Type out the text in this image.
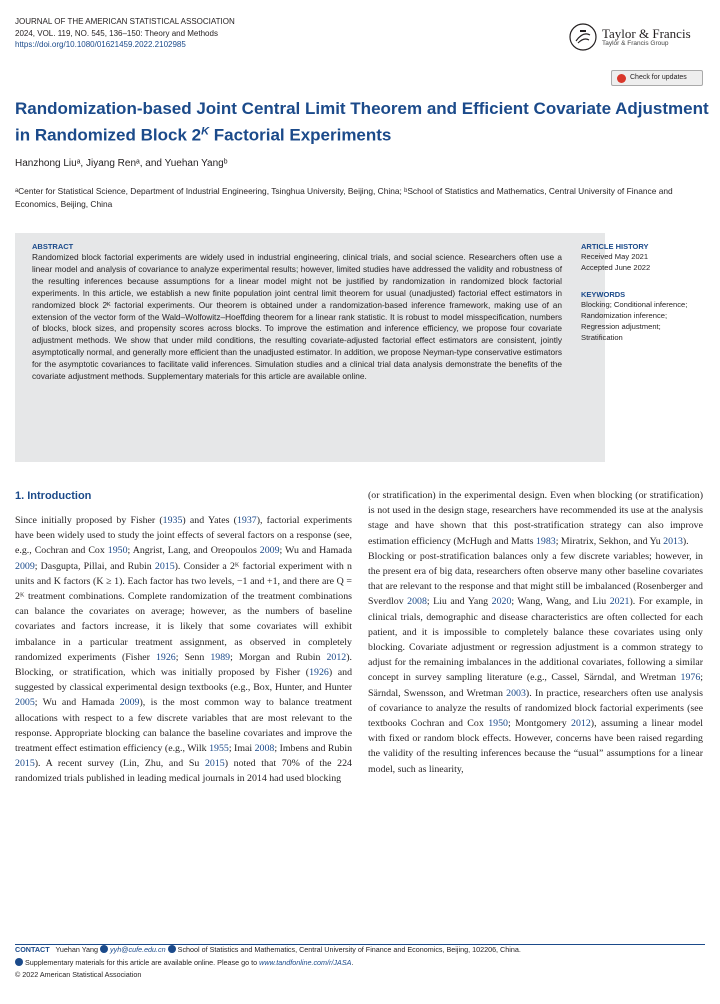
JOURNAL OF THE AMERICAN STATISTICAL ASSOCIATION
2024, VOL. 119, NO. 545, 136–150: Theory and Methods
https://doi.org/10.1080/01621459.2022.2102985
Taylor & Francis
Taylor & Francis Group
Check for updates
Randomization-based Joint Central Limit Theorem and Efficient Covariate Adjustment in Randomized Block $2^K$ Factorial Experiments
Hanzhong Liuᵃ, Jiyang Renᵃ, and Yuehan Yangᵇ
ᵃCenter for Statistical Science, Department of Industrial Engineering, Tsinghua University, Beijing, China; ᵇSchool of Statistics and Mathematics, Central University of Finance and Economics, Beijing, China
ABSTRACT
Randomized block factorial experiments are widely used in industrial engineering, clinical trials, and social science. Researchers often use a linear model and analysis of covariance to analyze experimental results; however, limited studies have addressed the validity and robustness of the resulting inferences because assumptions for a linear model might not be justified by randomization in randomized block factorial experiments. In this article, we establish a new finite population joint central limit theorem for usual (unadjusted) factorial effect estimators in randomized block 2ᴷ factorial experiments. Our theorem is obtained under a randomization-based inference framework, making use of an extension of the vector form of the Wald–Wolfowitz–Hoeffding theorem for a linear rank statistic. It is robust to model misspecification, numbers of blocks, block sizes, and propensity scores across blocks. To improve the estimation and inference efficiency, we propose four covariate adjustment methods. We show that under mild conditions, the resulting covariate-adjusted factorial effect estimators are consistent, jointly asymptotically normal, and generally more efficient than the unadjusted estimator. In addition, we propose Neyman-type conservative estimators for the asymptotic covariances to facilitate valid inferences. Simulation studies and a clinical trial data analysis demonstrate the benefits of the covariate adjustment methods. Supplementary materials for this article are available online.
ARTICLE HISTORY
Received May 2021
Accepted June 2022
KEYWORDS
Blocking; Conditional inference; Randomization inference; Regression adjustment; Stratification
1. Introduction

Since initially proposed by Fisher (1935) and Yates (1937), factorial experiments have been widely used to study the joint effects of several factors on a response (see, e.g., Cochran and Cox 1950; Angrist, Lang, and Oreopoulos 2009; Wu and Hamada 2009; Dasgupta, Pillai, and Rubin 2015). Consider a 2ᴷ factorial experiment with n units and K factors (K ≥ 1). Each factor has two levels, −1 and +1, and there are Q = 2ᴷ treatment combinations. Complete randomization of the treatment combinations can balance the covariates on average; however, as the numbers of baseline covariates and factors increase, it is likely that some covariates will exhibit imbalance in a particular treatment assignment, as observed in completely randomized experiments (Fisher 1926; Senn 1989; Morgan and Rubin 2012). Blocking, or stratification, which was initially proposed by Fisher (1926) and suggested by classical experimental design textbooks (e.g., Box, Hunter, and Hunter 2005; Wu and Hamada 2009), is the most common way to balance treatment allocations with respect to a few discrete variables that are most relevant to the response. Appropriate blocking can balance the baseline covariates and improve the treatment effect estimation efficiency (e.g., Wilk 1955; Imai 2008; Imbens and Rubin 2015). A recent survey (Lin, Zhu, and Su 2015) noted that 70% of the 224 randomized trials published in leading medical journals in 2014 had used blocking

(or stratification) in the experimental design. Even when blocking (or stratification) is not used in the design stage, researchers have recommended its use at the analysis stage and have shown that this post-stratification strategy can also improve estimation efficiency (McHugh and Matts 1983; Miratrix, Sekhon, and Yu 2013).

Blocking or post-stratification balances only a few discrete variables; however, in the present era of big data, researchers often observe many other baseline covariates that are relevant to the response and that might still be imbalanced (Rosenberger and Sverdlov 2008; Liu and Yang 2020; Wang, Wang, and Liu 2021). For example, in clinical trials, demographic and disease characteristics are often collected for each patient, and it is impossible to completely balance these covariates using only blocking. Covariate adjustment or regression adjustment is a common strategy to adjust for the remaining imbalances in the additional covariates, following a similar concept in survey sampling literature (e.g., Cassel, Särndal, and Wretman 1976; Särndal, Swensson, and Wretman 2003). In practice, researchers often use analysis of covariance to analyze the results of randomized block factorial experiments (see textbooks Cochran and Cox 1950; Montgomery 2012), assuming a linear model with fixed or random block effects. However, concerns have been raised regarding the validity of the resulting inferences because the “usual” assumptions for a linear model, such as linearity,

CONTACT Yuehan Yang yyh@cufe.edu.cn School of Statistics and Mathematics, Central University of Finance and Economics, Beijing, 102206, China.
Supplementary materials for this article are available online. Please go to www.tandfonline.com/r/JASA.
© 2022 American Statistical Association
